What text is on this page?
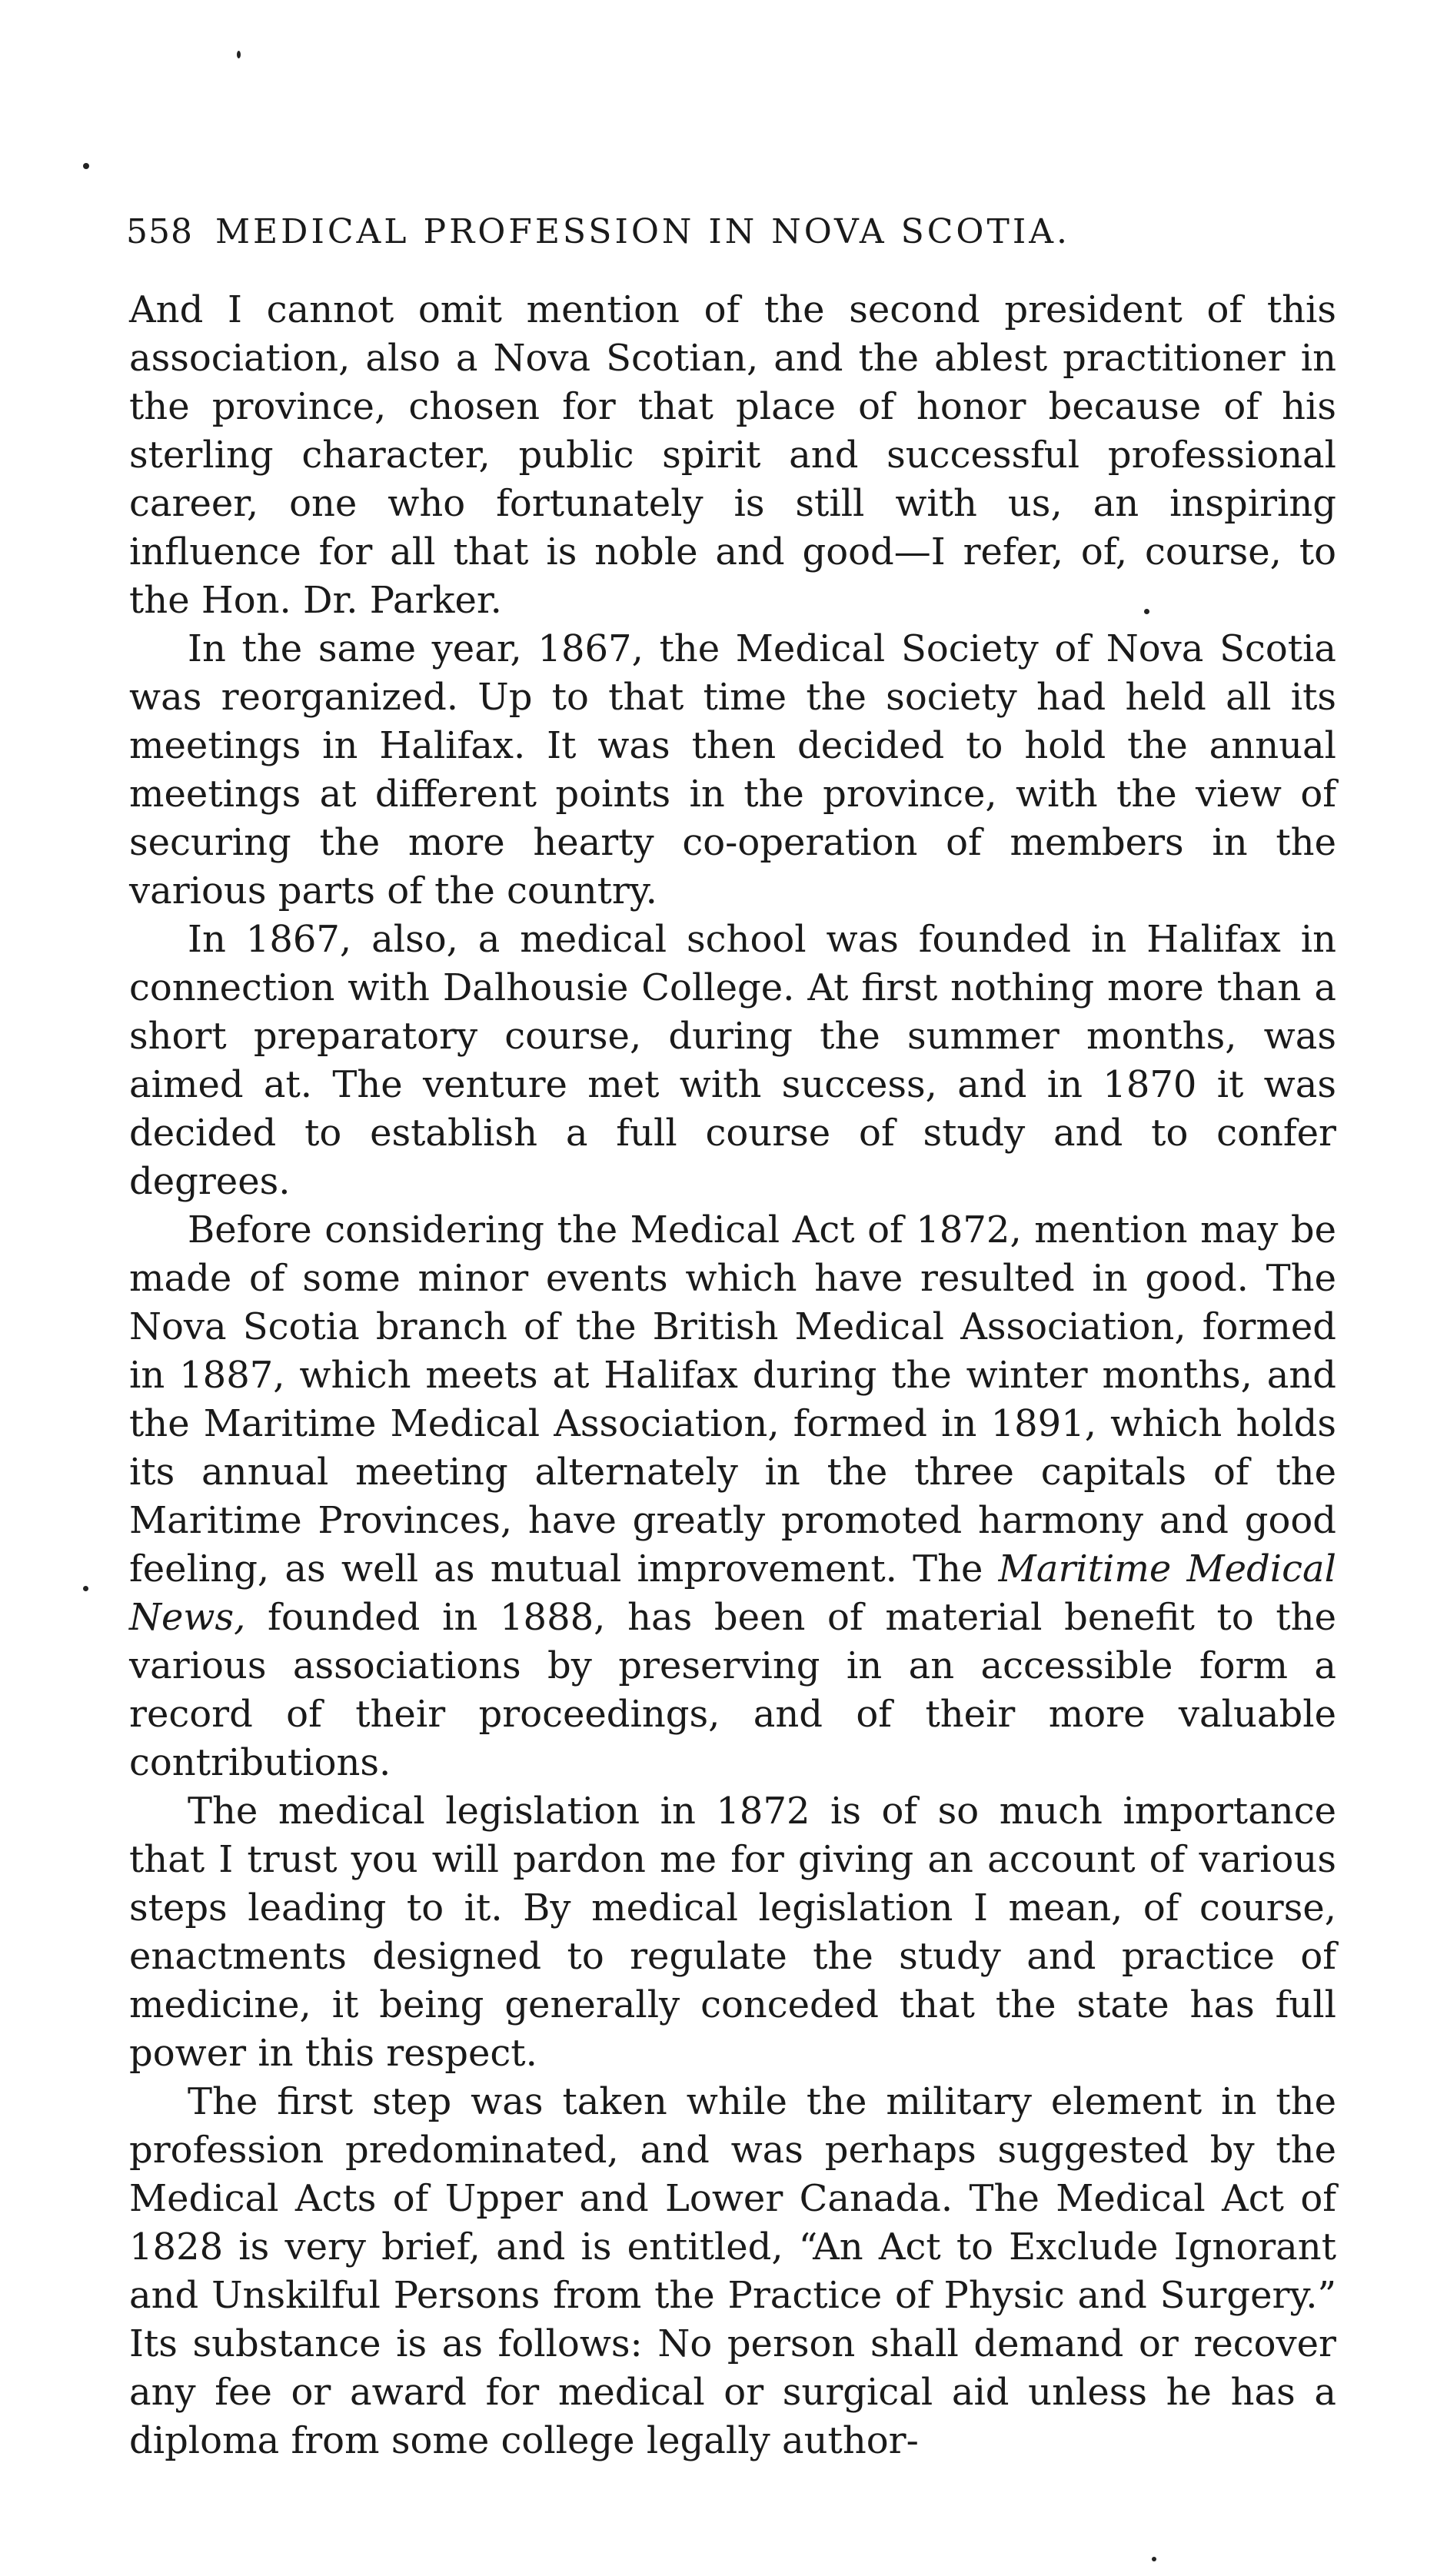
558 MEDICAL PROFESSION IN NOVA SCOTIA.

And I cannot omit mention of the second president of this association, also a Nova Scotian, and the ablest practitioner in the province, chosen for that place of honor because of his sterling character, public spirit and successful professional career, one who fortunately is still with us, an inspiring influence for all that is noble and good—I refer, of, course, to the Hon. Dr. Parker.

In the same year, 1867, the Medical Society of Nova Scotia was reorganized. Up to that time the society had held all its meetings in Halifax. It was then decided to hold the annual meetings at different points in the province, with the view of securing the more hearty co-operation of members in the various parts of the country.

In 1867, also, a medical school was founded in Halifax in connection with Dalhousie College. At first nothing more than a short preparatory course, during the summer months, was aimed at. The venture met with success, and in 1870 it was decided to establish a full course of study and to confer degrees.

Before considering the Medical Act of 1872, mention may be made of some minor events which have resulted in good. The Nova Scotia branch of the British Medical Association, formed in 1887, which meets at Halifax during the winter months, and the Maritime Medical Association, formed in 1891, which holds its annual meeting alternately in the three capitals of the Maritime Provinces, have greatly promoted harmony and good feeling, as well as mutual improvement. The Maritime Medical News, founded in 1888, has been of material benefit to the various associations by preserving in an accessible form a record of their proceedings, and of their more valuable contributions.

The medical legislation in 1872 is of so much importance that I trust you will pardon me for giving an account of various steps leading to it. By medical legislation I mean, of course, enactments designed to regulate the study and practice of medicine, it being generally conceded that the state has full power in this respect.

The first step was taken while the military element in the profession predominated, and was perhaps suggested by the Medical Acts of Upper and Lower Canada. The Medical Act of 1828 is very brief, and is entitled, “An Act to Exclude Ignorant and Unskilful Persons from the Practice of Physic and Surgery.” Its substance is as follows: No person shall demand or recover any fee or award for medical or surgical aid unless he has a diploma from some college legally author-
